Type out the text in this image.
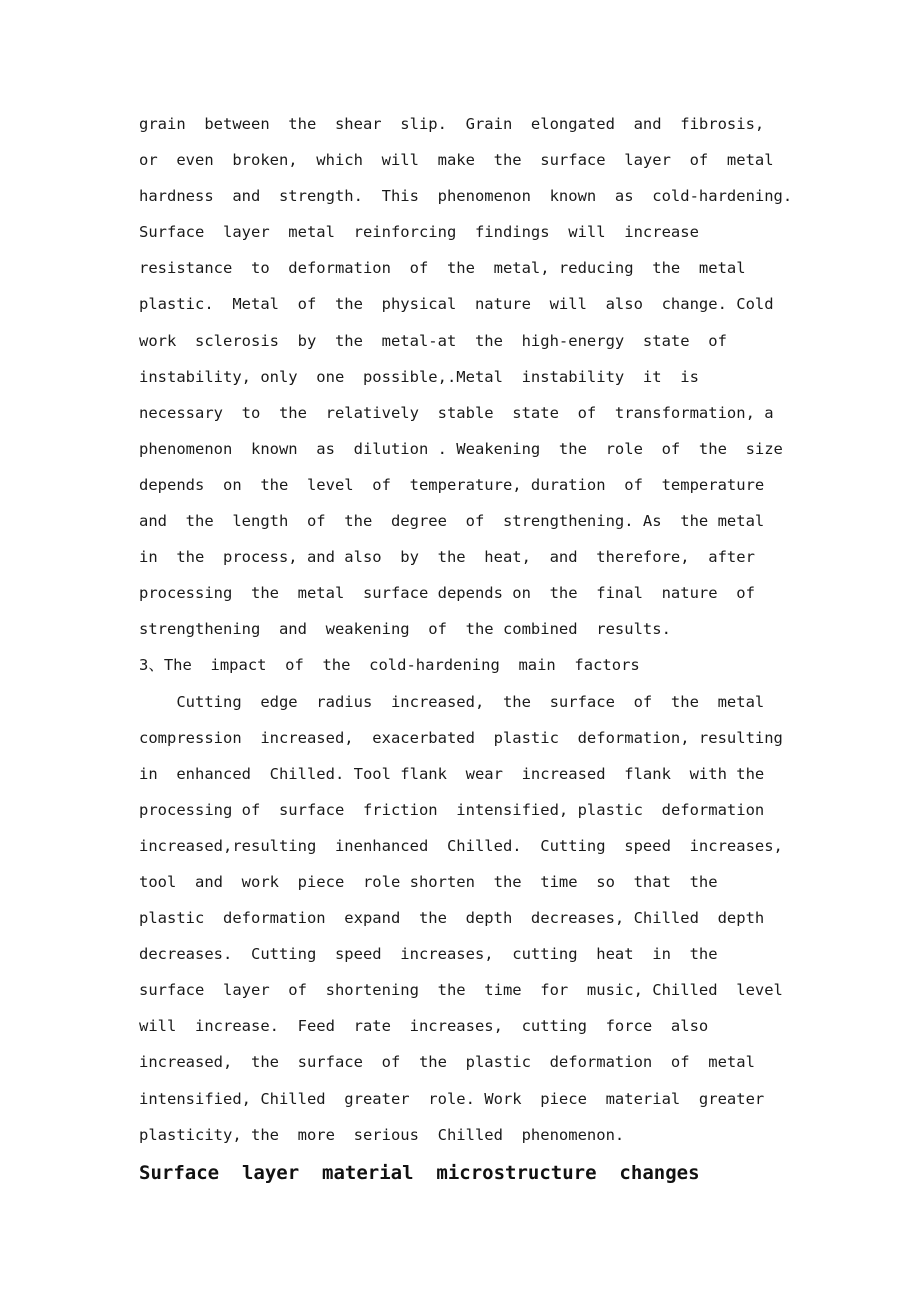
grain  between  the  shear  slip.  Grain  elongated  and  fibrosis,
or  even  broken,  which  will  make  the  surface  layer  of  metal
hardness  and  strength.  This  phenomenon  known  as  cold-hardening.
Surface  layer  metal  reinforcing  findings  will  increase
resistance  to  deformation  of  the  metal, reducing  the  metal
plastic.  Metal  of  the  physical  nature  will  also  change. Cold
work  sclerosis  by  the  metal-at  the  high-energy  state  of
instability, only  one  possible,.Metal  instability  it  is
necessary  to  the  relatively  stable  state  of  transformation, a
phenomenon  known  as  dilution . Weakening  the  role  of  the  size
depends  on  the  level  of  temperature, duration  of  temperature
and  the  length  of  the  degree  of  strengthening. As  the metal
in  the  process, and also  by  the  heat,  and  therefore,  after
processing  the  metal  surface depends on  the  final  nature  of
strengthening  and  weakening  of  the combined  results.
3、The  impact  of  the  cold-hardening  main  factors
Cutting  edge  radius  increased,  the  surface  of  the  metal
compression  increased,  exacerbated  plastic  deformation, resulting
in  enhanced  Chilled. Tool flank  wear  increased  flank  with the
processing of  surface  friction  intensified, plastic  deformation
increased,resulting  inenhanced  Chilled.  Cutting  speed  increases,
tool  and  work  piece  role shorten  the  time  so  that  the
plastic  deformation  expand  the  depth  decreases, Chilled  depth
decreases.  Cutting  speed  increases,  cutting  heat  in  the
surface  layer  of  shortening  the  time  for  music, Chilled  level
will  increase.  Feed  rate  increases,  cutting  force  also
increased,  the  surface  of  the  plastic  deformation  of  metal
intensified, Chilled  greater  role. Work  piece  material  greater
plasticity, the  more  serious  Chilled  phenomenon.
Surface  layer  material  microstructure  changes
